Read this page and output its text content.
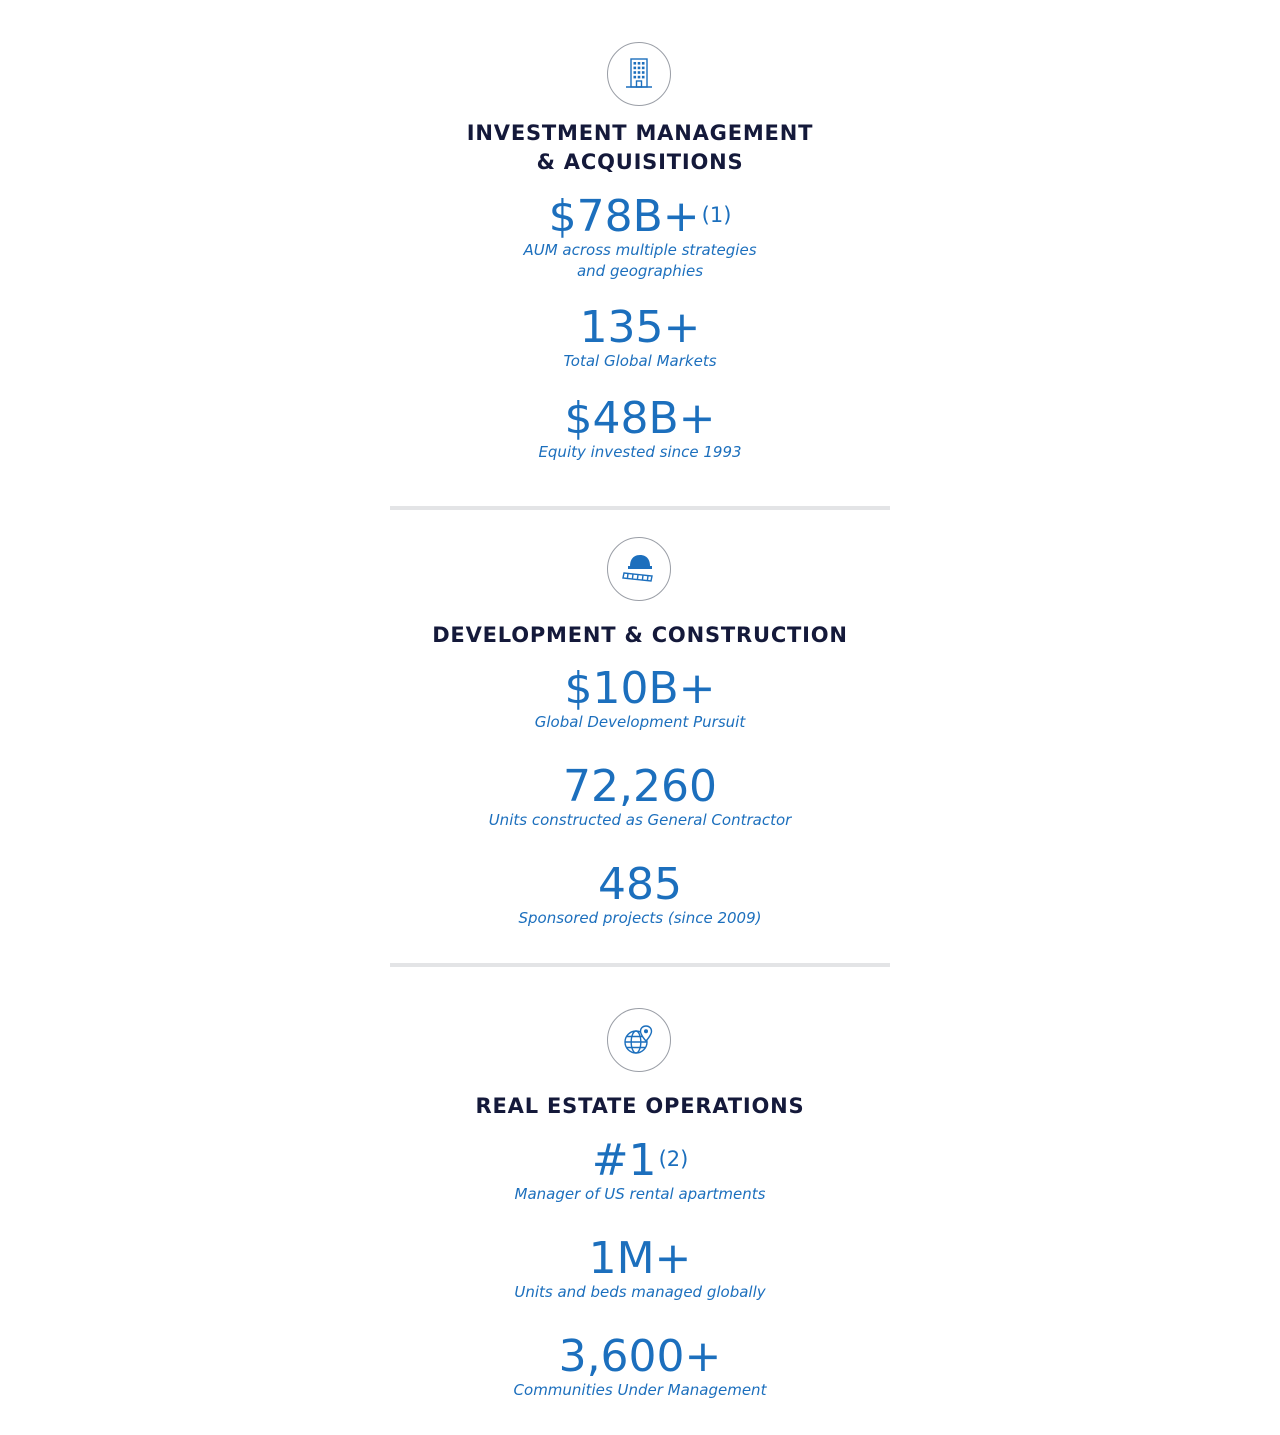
INVESTMENT MANAGEMENT
& ACQUISITIONS
$78B+$^{(1)}$
AUM across multiple strategies
and geographies
135+
Total Global Markets
$48B+
Equity invested since 1993
DEVELOPMENT & CONSTRUCTION
$10B+
Global Development Pursuit
72,260
Units constructed as General Contractor
485
Sponsored projects (since 2009)
REAL ESTATE OPERATIONS
#1$^{(2)}$
Manager of US rental apartments
1M+
Units and beds managed globally
3,600+
Communities Under Management
